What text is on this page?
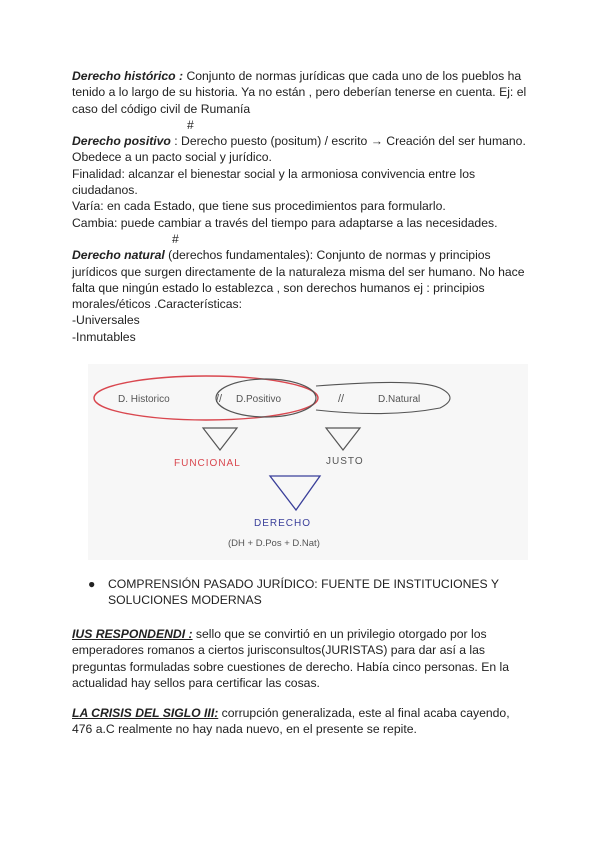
Derecho histórico : Conjunto de normas jurídicas que cada uno de los pueblos ha tenido a lo largo de su historia. Ya no están , pero deberían tenerse en cuenta. Ej: el caso del código civil de Rumanía

#

Derecho positivo : Derecho puesto (positum) / escrito → Creación del ser humano. Obedece a un pacto social y jurídico.

Finalidad: alcanzar el bienestar social y la armoniosa convivencia entre los ciudadanos.

Varía: en cada Estado, que tiene sus procedimientos para formularlo.

Cambia: puede cambiar a través del tiempo para adaptarse a las necesidades.

#

Derecho natural (derechos fundamentales): Conjunto de normas y principios jurídicos que surgen directamente de la naturaleza misma del ser humano. No hace falta que ningún estado lo establezca , son derechos humanos ej : principios morales/éticos .Características:

-Universales

-Inmutables

D. Historico	// D.Positivo	//	D.Natural
FUNCIONAL	JUSTO
DERECHO
(DH + D.Pos + D.Nat)
● COMPRENSIÓN PASADO JURÍDICO: FUENTE DE INSTITUCIONES Y SOLUCIONES MODERNAS
IUS RESPONDENDI : sello que se convirtió en un privilegio otorgado por los emperadores romanos a ciertos jurisconsultos(JURISTAS) para dar así a las preguntas formuladas sobre cuestiones de derecho. Había cinco personas. En la actualidad hay sellos para certificar las cosas.
LA CRISIS DEL SIGLO III: corrupción generalizada, este al final acaba cayendo, 476 a.C realmente no hay nada nuevo, en el presente se repite.
